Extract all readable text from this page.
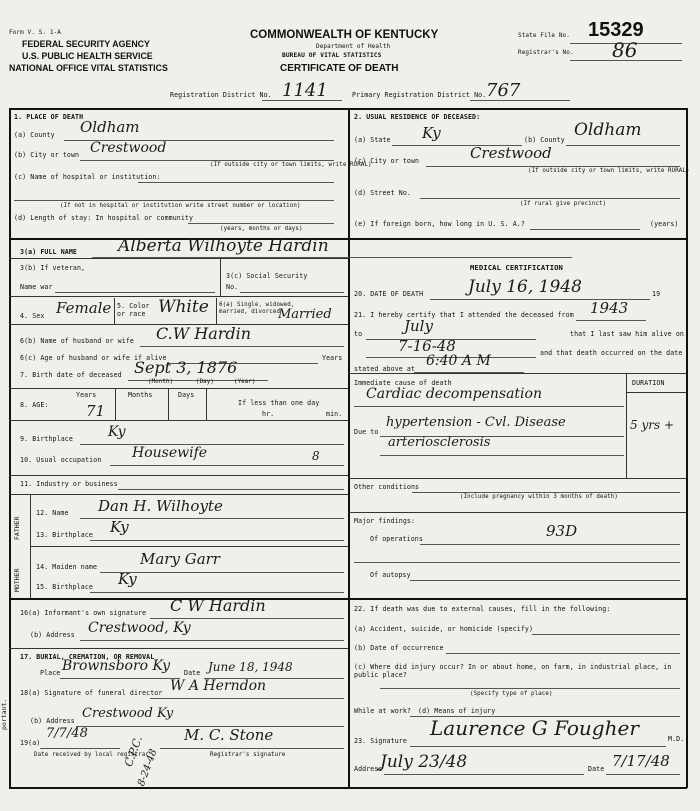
Form V. S. 1-A
FEDERAL SECURITY AGENCY
U.S. PUBLIC HEALTH SERVICE
NATIONAL OFFICE VITAL STATISTICS
COMMONWEALTH OF KENTUCKY
Department of Health
BUREAU OF VITAL STATISTICS
CERTIFICATE OF DEATH
State File No. 15329
Registrar's No. 86
Registration District No. 1141	Primary Registration District No. 767
1. PLACE OF DEATH
(a) County Oldham
(b) City or town Crestwood
(If outside city or town limits, write RURAL)
(c) Name of hospital or institution:
(If not in hospital or institution write street number or location)
(d) Length of stay: In hospital or community
(years, months or days)
2. USUAL RESIDENCE OF DECEASED:
(a) State Ky	(b) County Oldham
(c) City or town	Crestwood
(If outside city or town limits, write RURAL)
(If rural give precinct)
(d) Street No.
(e) If foreign born, how long in U. S. A.?	(years)
3(a) FULL NAME Alberta Wilhoyte Hardin
3(b) If veteran,
Name war
3(c) Social Security
No.
4. Sex Female 5. Color or race White 6(a) Single, widowed, married, divorced
Married
6(b) Name of husband or wife C.W Hardin
6(c) Age of husband or wife if alive	Years
7. Birth date of deceased Sept 3, 1876
(Month)	(Day)	(Year)
8. AGE:
Years
71
Months	Days
If less than one day
hr.	min.
9. Birthplace	Ky
10. Usual occupation Housewife	8
11. Industry or business
FATHER
12. Name Dan H. Wilhoyte
13. Birthplace Ky
MOTHER
14. Maiden name	Mary Garr
15. Birthplace Ky
16(a) Informant's own signature C W Hardin
(b) Address Crestwood, Ky
17. BURIAL, CREMATION, OR REMOVAL
Place Brownsboro Ky Date June 18, 1948
18(a) Signature of funeral director W A Herndon
(b) Address Crestwood Ky
19(a)
7/7/48
Date received by local registrar
M. C. Stone
Registrar's signature
portant.
C.P.C.
8-24-48
MEDICAL CERTIFICATION
20. DATE OF DEATH	July 16, 1948	19
21. I hereby certify that I attended the deceased from 1943
to	July	that I last saw him alive on
7-16-48	and that death occurred on the date
stated above at 6:40 A M
Immediate cause of death
Cardiac decompensation
DURATION
Due to
hypertension - Cvl. Disease	5 yrs +
arteriosclerosis
Other conditions
(Include pregnancy within 3 months of death)
Major findings:
Of operations	93D
Of autopsy
22. If death was due to external causes, fill in the following:
(a) Accident, suicide, or homicide (specify)
(b) Date of occurrence
(c) Where did injury occur? In or about home, on farm, in industrial place, in public place?
(Specify type of place)
While at work? (d) Means of injury
23. Signature
Laurence G Fougher	M.D.
Address
July 23/48	Date 7/17/48
